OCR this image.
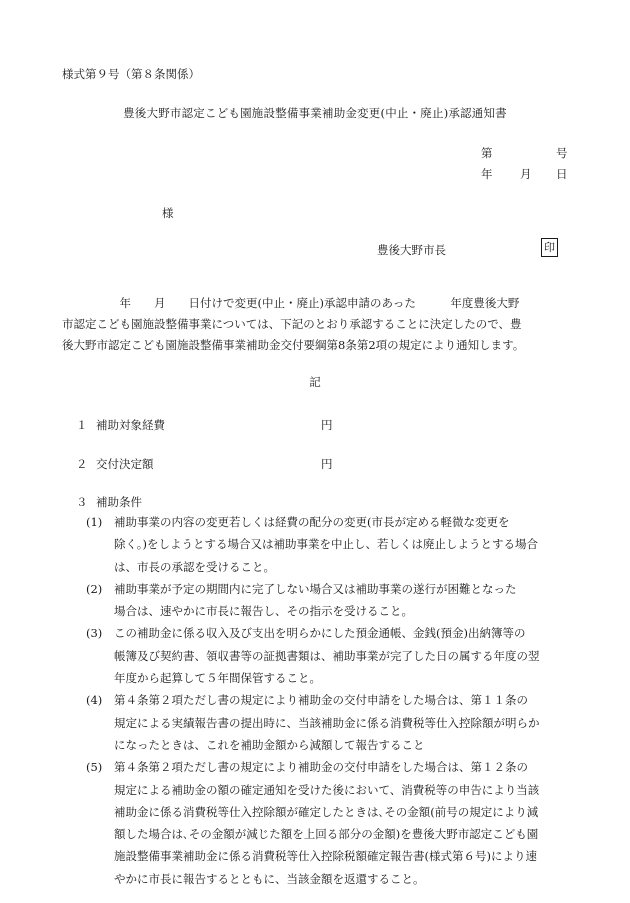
様式第９号（第８条関係）
豊後大野市認定こども園施設整備事業補助金変更(中止・廃止)承認通知書
第	号
年 月 日
様
豊後大野市長	印

　　　　　年　　月　　日付けで変更(中止・廃止)承認申請のあった　　　年度豊後大野

市認定こども園施設整備事業については、下記のとおり承認することに決定したので、豊

後大野市認定こども園施設整備事業補助金交付要綱第8条第2項の規定により通知します。

記
１ 補助対象経費	円
２ 交付決定額	円
３ 補助条件
(1)	補助事業の内容の変更若しくは経費の配分の変更(市長が定める軽微な変更を

除く。)をしようとする場合又は補助事業を中止し、若しくは廃止しようとする場合

は、市長の承認を受けること。

(2)	補助事業が予定の期間内に完了しない場合又は補助事業の遂行が困難となった

場合は、速やかに市長に報告し、その指示を受けること。

(3)	この補助金に係る収入及び支出を明らかにした預金通帳、金銭(預金)出納簿等の

帳簿及び契約書、領収書等の証拠書類は、補助事業が完了した日の属する年度の翌

年度から起算して５年間保管すること。

(4)	第４条第２項ただし書の規定により補助金の交付申請をした場合は、第１１条の

規定による実績報告書の提出時に、当該補助金に係る消費税等仕入控除額が明らか

になったときは、これを補助金額から減額して報告すること

(5)	第４条第２項ただし書の規定により補助金の交付申請をした場合は、第１２条の

規定による補助金の額の確定通知を受けた後において、消費税等の申告により当該

補助金に係る消費税等仕入控除額が確定したときは､その金額(前号の規定により減

額した場合は､その金額が減じた額を上回る部分の金額)を豊後大野市認定こども園

施設整備事業補助金に係る消費税等仕入控除税額確定報告書(様式第６号)により速

やかに市長に報告するとともに、当該金額を返還すること。
